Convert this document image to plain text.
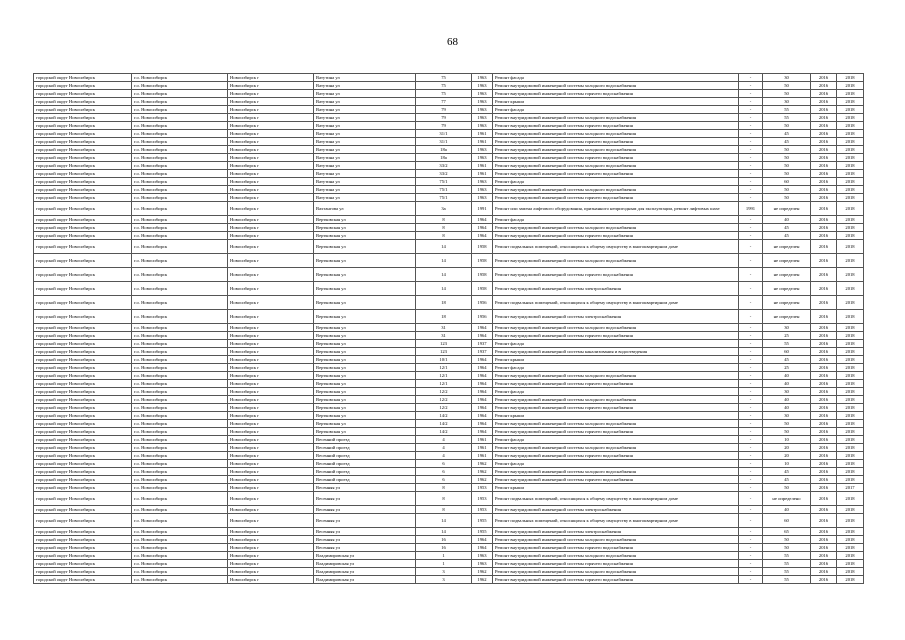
68
городской округ Новосибирск	г.о. Новосибирск	Новосибирск г	Ватутина ул	75	1963	Ремонт фасада	-	30	2016	2018
городской округ Новосибирск	г.о. Новосибирск	Новосибирск г	Ватутина ул	75	1963	Ремонт внутридомовой инженерной системы холодного водоснабжения	-	50	2016	2018
городской округ Новосибирск	г.о. Новосибирск	Новосибирск г	Ватутина ул	75	1963	Ремонт внутридомовой инженерной системы горячего водоснабжения	-	50	2016	2018
городской округ Новосибирск	г.о. Новосибирск	Новосибирск г	Ватутина ул	77	1963	Ремонт крыши	-	30	2016	2018
городской округ Новосибирск	г.о. Новосибирск	Новосибирск г	Ватутина ул	79	1963	Ремонт фасада	-	55	2016	2018
городской округ Новосибирск	г.о. Новосибирск	Новосибирск г	Ватутина ул	79	1963	Ремонт внутридомовой инженерной системы холодного водоснабжения	-	55	2016	2018
городской округ Новосибирск	г.о. Новосибирск	Новосибирск г	Ватутина ул	79	1963	Ремонт внутридомовой инженерной системы горячего водоснабжения	-	50	2016	2018
городской округ Новосибирск	г.о. Новосибирск	Новосибирск г	Ватутина ул	31/1	1961	Ремонт внутридомовой инженерной системы холодного водоснабжения	-	45	2016	2018
городской округ Новосибирск	г.о. Новосибирск	Новосибирск г	Ватутина ул	31/1	1961	Ремонт внутридомовой инженерной системы горячего водоснабжения	-	45	2016	2018
городской округ Новосибирск	г.о. Новосибирск	Новосибирск г	Ватутина ул	18а	1963	Ремонт внутридомовой инженерной системы холодного водоснабжения	-	50	2016	2018
городской округ Новосибирск	г.о. Новосибирск	Новосибирск г	Ватутина ул	18а	1963	Ремонт внутридомовой инженерной системы горячего водоснабжения	-	50	2016	2018
городской округ Новосибирск	г.о. Новосибирск	Новосибирск г	Ватутина ул	33/2	1961	Ремонт внутридомовой инженерной системы холодного водоснабжения	-	50	2016	2018
городской округ Новосибирск	г.о. Новосибирск	Новосибирск г	Ватутина ул	33/2	1961	Ремонт внутридомовой инженерной системы горячего водоснабжения	-	50	2016	2018
городской округ Новосибирск	г.о. Новосибирск	Новосибирск г	Ватутина ул	75/1	1963	Ремонт фасада	-	60	2016	2018
городской округ Новосибирск	г.о. Новосибирск	Новосибирск г	Ватутина ул	75/1	1963	Ремонт внутридомовой инженерной системы холодного водоснабжения	-	50	2016	2018
городской округ Новосибирск	г.о. Новосибирск	Новосибирск г	Ватутина ул	75/1	1963	Ремонт внутридомовой инженерной системы горячего водоснабжения	-	50	2016	2018
городской округ Новосибирск	г.о. Новосибирск	Новосибирск г	Вахтангова ул	3а	1991	Ремонт или замена лифтового оборудования, признанного непригодным для эксплуатации, ремонт лифтовых шахт	1991	не определен	2016	2018
городской округ Новосибирск	г.о. Новосибирск	Новосибирск г	Вертковская ул	8	1964	Ремонт фасада	-	40	2016	2018
городской округ Новосибирск	г.о. Новосибирск	Новосибирск г	Вертковская ул	8	1964	Ремонт внутридомовой инженерной системы холодного водоснабжения	-	45	2016	2018
городской округ Новосибирск	г.о. Новосибирск	Новосибирск г	Вертковская ул	8	1964	Ремонт внутридомовой инженерной системы горячего водоснабжения	-	45	2016	2018
городской округ Новосибирск	г.о. Новосибирск	Новосибирск г	Вертковская ул	14	1958	Ремонт подвальных помещений, относящихся к общему имуществу в многоквартирном доме	-	не определен	2016	2018
городской округ Новосибирск	г.о. Новосибирск	Новосибирск г	Вертковская ул	14	1958	Ремонт внутридомовой инженерной системы холодного водоснабжения	-	не определен	2016	2018
городской округ Новосибирск	г.о. Новосибирск	Новосибирск г	Вертковская ул	14	1958	Ремонт внутридомовой инженерной системы горячего водоснабжения	-	не определен	2016	2018
городской округ Новосибирск	г.о. Новосибирск	Новосибирск г	Вертковская ул	14	1958	Ремонт внутридомовой инженерной системы электроснабжения	-	не определен	2016	2018
городской округ Новосибирск	г.о. Новосибирск	Новосибирск г	Вертковская ул	18	1956	Ремонт подвальных помещений, относящихся к общему имуществу в многоквартирном доме	-	не определен	2016	2018
городской округ Новосибирск	г.о. Новосибирск	Новосибирск г	Вертковская ул	18	1956	Ремонт внутридомовой инженерной системы электроснабжения	-	не определен	2016	2018
городской округ Новосибирск	г.о. Новосибирск	Новосибирск г	Вертковская ул	31	1964	Ремонт внутридомовой инженерной системы холодного водоснабжения	-	30	2016	2018
городской округ Новосибирск	г.о. Новосибирск	Новосибирск г	Вертковская ул	31	1964	Ремонт внутридомовой инженерной системы горячего водоснабжения	-	25	2016	2018
городской округ Новосибирск	г.о. Новосибирск	Новосибирск г	Вертковская ул	123	1937	Ремонт фасада	-	55	2016	2018
городской округ Новосибирск	г.о. Новосибирск	Новосибирск г	Вертковская ул	123	1937	Ремонт внутридомовой инженерной системы канализования и водоотведения	-	60	2016	2018
городской округ Новосибирск	г.о. Новосибирск	Новосибирск г	Вертковская ул	10/1	1964	Ремонт крыши	-	45	2016	2018
городской округ Новосибирск	г.о. Новосибирск	Новосибирск г	Вертковская ул	12/1	1964	Ремонт фасада	-	25	2016	2018
городской округ Новосибирск	г.о. Новосибирск	Новосибирск г	Вертковская ул	12/1	1964	Ремонт внутридомовой инженерной системы холодного водоснабжения	-	40	2016	2018
городской округ Новосибирск	г.о. Новосибирск	Новосибирск г	Вертковская ул	12/1	1964	Ремонт внутридомовой инженерной системы горячего водоснабжения	-	40	2016	2018
городской округ Новосибирск	г.о. Новосибирск	Новосибирск г	Вертковская ул	12/2	1964	Ремонт фасада	-	30	2016	2018
городской округ Новосибирск	г.о. Новосибирск	Новосибирск г	Вертковская ул	12/2	1964	Ремонт внутридомовой инженерной системы холодного водоснабжения	-	40	2016	2018
городской округ Новосибирск	г.о. Новосибирск	Новосибирск г	Вертковская ул	12/2	1964	Ремонт внутридомовой инженерной системы горячего водоснабжения	-	40	2016	2018
городской округ Новосибирск	г.о. Новосибирск	Новосибирск г	Вертковская ул	14/2	1964	Ремонт крыши	-	30	2016	2018
городской округ Новосибирск	г.о. Новосибирск	Новосибирск г	Вертковская ул	14/2	1964	Ремонт внутридомовой инженерной системы холодного водоснабжения	-	50	2016	2018
городской округ Новосибирск	г.о. Новосибирск	Новосибирск г	Вертковская ул	14/2	1964	Ремонт внутридомовой инженерной системы горячего водоснабжения	-	50	2016	2018
городской округ Новосибирск	г.о. Новосибирск	Новосибирск г	Весенний проезд	4	1961	Ремонт фасада	-	10	2016	2018
городской округ Новосибирск	г.о. Новосибирск	Новосибирск г	Весенний проезд	4	1961	Ремонт внутридомовой инженерной системы холодного водоснабжения	-	20	2016	2018
городской округ Новосибирск	г.о. Новосибирск	Новосибирск г	Весенний проезд	4	1961	Ремонт внутридомовой инженерной системы горячего водоснабжения	-	20	2016	2018
городской округ Новосибирск	г.о. Новосибирск	Новосибирск г	Весенний проезд	6	1962	Ремонт фасада	-	10	2016	2018
городской округ Новосибирск	г.о. Новосибирск	Новосибирск г	Весенний проезд	6	1962	Ремонт внутридомовой инженерной системы холодного водоснабжения	-	45	2016	2018
городской округ Новосибирск	г.о. Новосибирск	Новосибирск г	Весенний проезд	6	1962	Ремонт внутридомовой инженерной системы горячего водоснабжения	-	45	2016	2018
городской округ Новосибирск	г.о. Новосибирск	Новосибирск г	Весенняя ул	8	1953	Ремонт крыши	-	50	2016	2017
городской округ Новосибирск	г.о. Новосибирск	Новосибирск г	Весенняя ул	8	1953	Ремонт подвальных помещений, относящихся к общему имуществу в многоквартирном доме	-	не определено	2016	2018
городской округ Новосибирск	г.о. Новосибирск	Новосибирск г	Весенняя ул	8	1953	Ремонт внутридомовой инженерной системы электроснабжения	-	40	2016	2018
городской округ Новосибирск	г.о. Новосибирск	Новосибирск г	Весенняя ул	14	1955	Ремонт подвальных помещений, относящихся к общему имуществу в многоквартирном доме	-	60	2016	2018
городской округ Новосибирск	г.о. Новосибирск	Новосибирск г	Весенняя ул	14	1955	Ремонт внутридомовой инженерной системы электроснабжения	-	65	2016	2018
городской округ Новосибирск	г.о. Новосибирск	Новосибирск г	Весенняя ул	16	1964	Ремонт внутридомовой инженерной системы холодного водоснабжения	-	50	2016	2018
городской округ Новосибирск	г.о. Новосибирск	Новосибирск г	Весенняя ул	16	1964	Ремонт внутридомовой инженерной системы горячего водоснабжения	-	50	2016	2018
городской округ Новосибирск	г.о. Новосибирск	Новосибирск г	Владимировская ул	1	1963	Ремонт внутридомовой инженерной системы холодного водоснабжения	-	55	2016	2018
городской округ Новосибирск	г.о. Новосибирск	Новосибирск г	Владимировская ул	1	1963	Ремонт внутридомовой инженерной системы горячего водоснабжения	-	55	2016	2018
городской округ Новосибирск	г.о. Новосибирск	Новосибирск г	Владимировская ул	3	1962	Ремонт внутридомовой инженерной системы холодного водоснабжения	-	55	2016	2018
городской округ Новосибирск	г.о. Новосибирск	Новосибирск г	Владимировская ул	3	1962	Ремонт внутридомовой инженерной системы горячего водоснабжения	-	55	2016	2018
